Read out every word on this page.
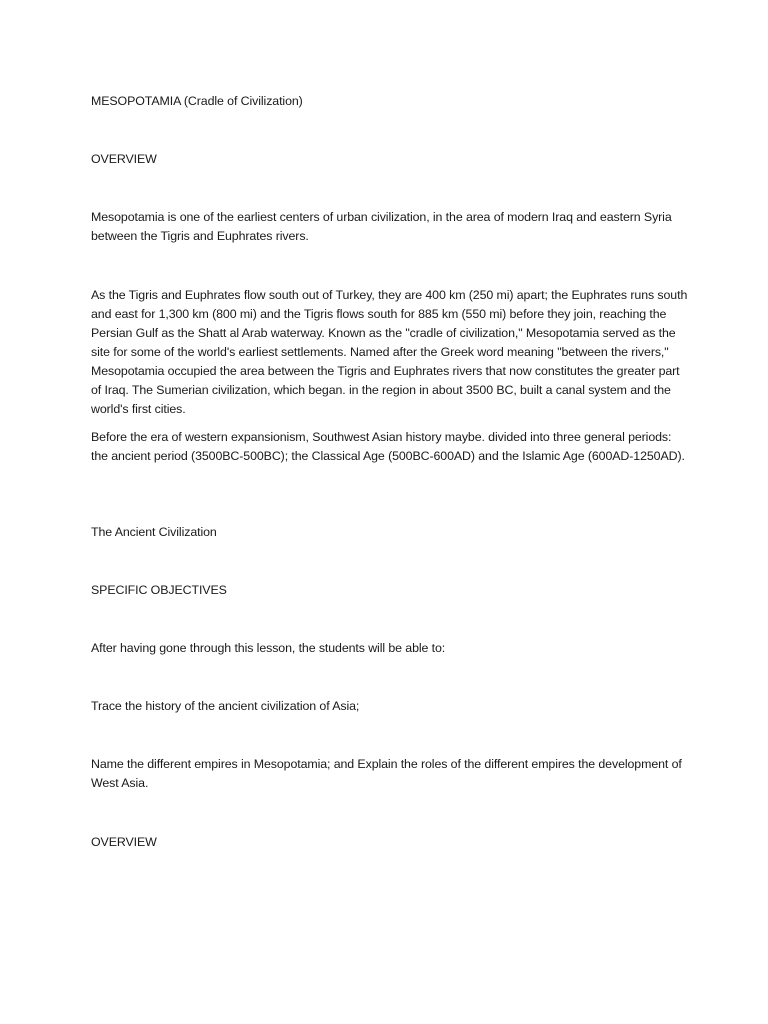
MESOPOTAMIA (Cradle of Civilization)

OVERVIEW

Mesopotamia is one of the earliest centers of urban civilization, in the area of modern Iraq and eastern Syria between the Tigris and Euphrates rivers.

As the Tigris and Euphrates flow south out of Turkey, they are 400 km (250 mi) apart; the Euphrates runs south and east for 1,300 km (800 mi) and the Tigris flows south for 885 km (550 mi) before they join, reaching the Persian Gulf as the Shatt al Arab waterway. Known as the "cradle of civilization," Mesopotamia served as the site for some of the world's earliest settlements. Named after the Greek word meaning "between the rivers," Mesopotamia occupied the area between the Tigris and Euphrates rivers that now constitutes the greater part of Iraq. The Sumerian civilization, which began. in the region in about 3500 BC, built a canal system and the world's first cities.

Before the era of western expansionism, Southwest Asian history maybe. divided into three general periods: the ancient period (3500BC-500BC); the Classical Age (500BC-600AD) and the Islamic Age (600AD-1250AD).

The Ancient Civilization

SPECIFIC OBJECTIVES

After having gone through this lesson, the students will be able to:

Trace the history of the ancient civilization of Asia;

Name the different empires in Mesopotamia; and Explain the roles of the different empires the development of West Asia.

OVERVIEW
